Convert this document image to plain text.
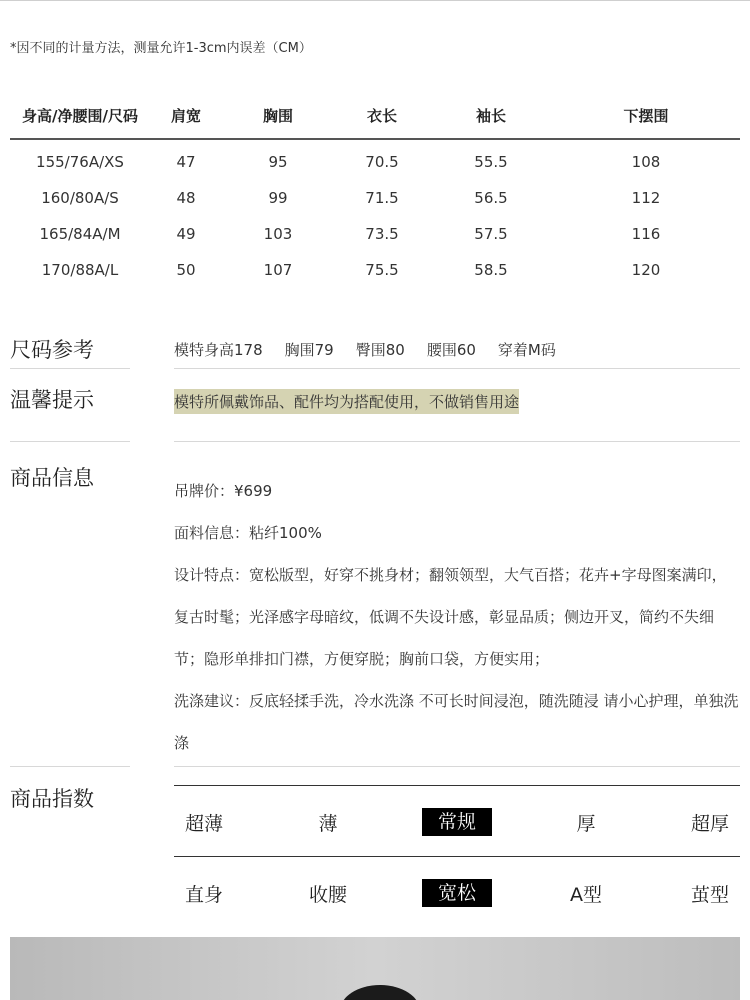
*因不同的计量方法，测量允许1-3cm内误差（CM）
身高/净腰围/尺码	肩宽	胸围	衣长	袖长	下摆围
155/76A/XS	47	95	70.5	55.5	108
160/80A/S	48	99	71.5	56.5	112
165/84A/M	49	103	73.5	57.5	116
170/88A/L	50	107	75.5	58.5	120
尺码参考	模特身高178 胸围79 臀围80 腰围60 穿着M码
温馨提示	模特所佩戴饰品、配件均为搭配使用，不做销售用途
商品信息

吊牌价：¥699

面料信息：粘纤100%

设计特点：宽松版型，好穿不挑身材；翻领领型，大气百搭；花卉+字母图案满印，复古时髦；光泽感字母暗纹，低调不失设计感，彰显品质；侧边开叉，简约不失细节；隐形单排扣门襟，方便穿脱；胸前口袋，方便实用；

洗涤建议：反底轻揉手洗，冷水洗涤 不可长时间浸泡，随洗随浸 请小心护理，单独洗涤

商品指数
超薄	薄	常规	厚	超厚
直身	收腰	宽松	A型	茧型
